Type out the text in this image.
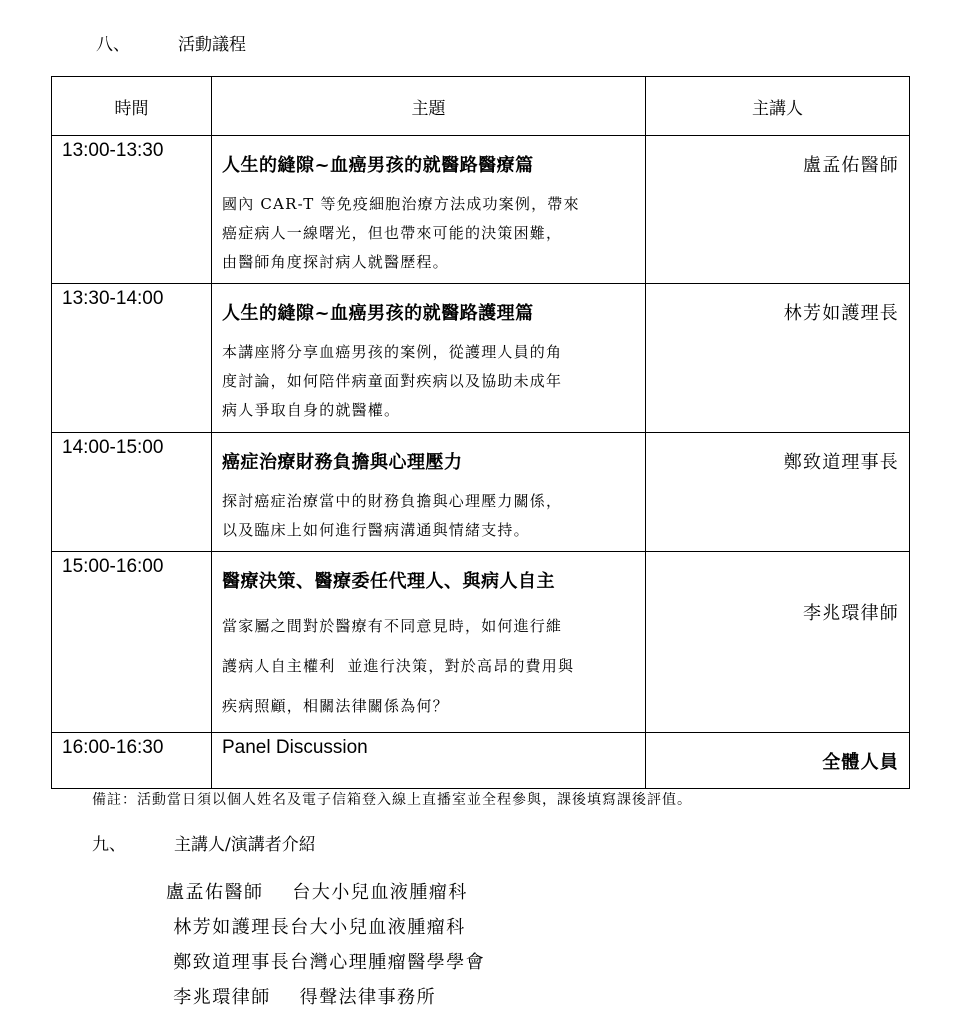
八、	活動議程
時間	主題	主講人

13:00-13:30	人生的縫隙~血癌男孩的就醫路醫療篇
國內 CAR-T 等免疫細胞治療方法成功案例，帶來
癌症病人一線曙光，但也帶來可能的決策困難，
由醫師角度探討病人就醫歷程。	盧孟佑醫師

13:30-14:00	人生的縫隙~血癌男孩的就醫路護理篇
本講座將分享血癌男孩的案例，從護理人員的角
度討論，如何陪伴病童面對疾病以及協助未成年
病人爭取自身的就醫權。	林芳如護理長

14:00-15:00	癌症治療財務負擔與心理壓力
探討癌症治療當中的財務負擔與心理壓力關係，
以及臨床上如何進行醫病溝通與情緒支持。	鄭致道理事長

15:00-16:00	醫療決策、醫療委任代理人、與病人自主
當家屬之間對於醫療有不同意見時，如何進行維
護病人自主權利  並進行決策，對於高昂的費用與
疾病照顧，相關法律關係為何？	李兆環律師

16:00-16:30	Panel Discussion	全體人員
備註：活動當日須以個人姓名及電子信箱登入線上直播室並全程參與，課後填寫課後評值。
九、	主講人/演講者介紹
盧孟佑醫師    台大小兒血液腫瘤科
林芳如護理長台大小兒血液腫瘤科
鄭致道理事長台灣心理腫瘤醫學學會
李兆環律師    得聲法律事務所
